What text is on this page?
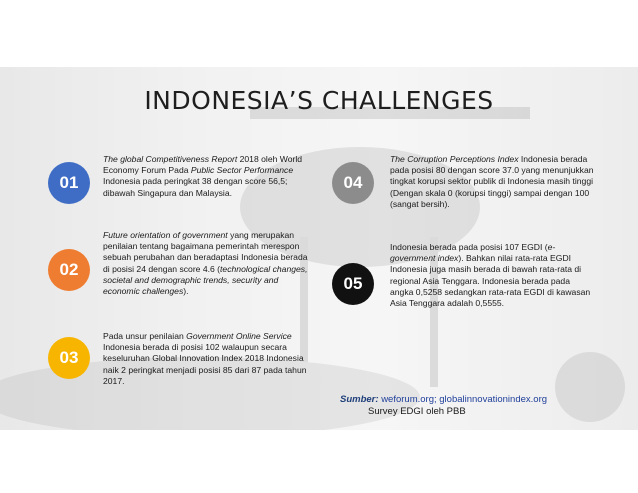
INDONESIA’S CHALLENGES
01
02
03
04
05
The global Competitiveness Report 2018 oleh World Economy Forum Pada Public Sector Performance Indonesia pada peringkat 38 dengan score 56,5; dibawah Singapura dan Malaysia.
Future orientation of government yang merupakan penilaian tentang bagaimana pemerintah merespon sebuah perubahan dan beradaptasi Indonesia berada di posisi 24 dengan score 4.6 (technological changes, societal and demographic trends, security and economic challenges).
Pada unsur penilaian Government Online Service Indonesia berada di posisi 102 walaupun secara keseluruhan Global Innovation Index 2018 Indonesia naik 2 peringkat menjadi posisi 85 dari 87 pada tahun 2017.
The Corruption Perceptions Index Indonesia berada pada posisi 80 dengan score 37.0 yang menunjukkan tingkat korupsi sektor publik di Indonesia masih tinggi (Dengan skala 0 (korupsi tinggi) sampai dengan 100 (sangat bersih).
Indonesia berada pada posisi 107 EGDI (e-government index). Bahkan nilai rata-rata EGDI Indonesia juga masih berada di bawah rata-rata di regional Asia Tenggara. Indonesia berada pada angka 0,5258 sedangkan rata-rata EGDI di kawasan Asia Tenggara adalah 0,5555.
Sumber: weforum.org; globalinnovationindex.org
Survey EDGI oleh PBB
